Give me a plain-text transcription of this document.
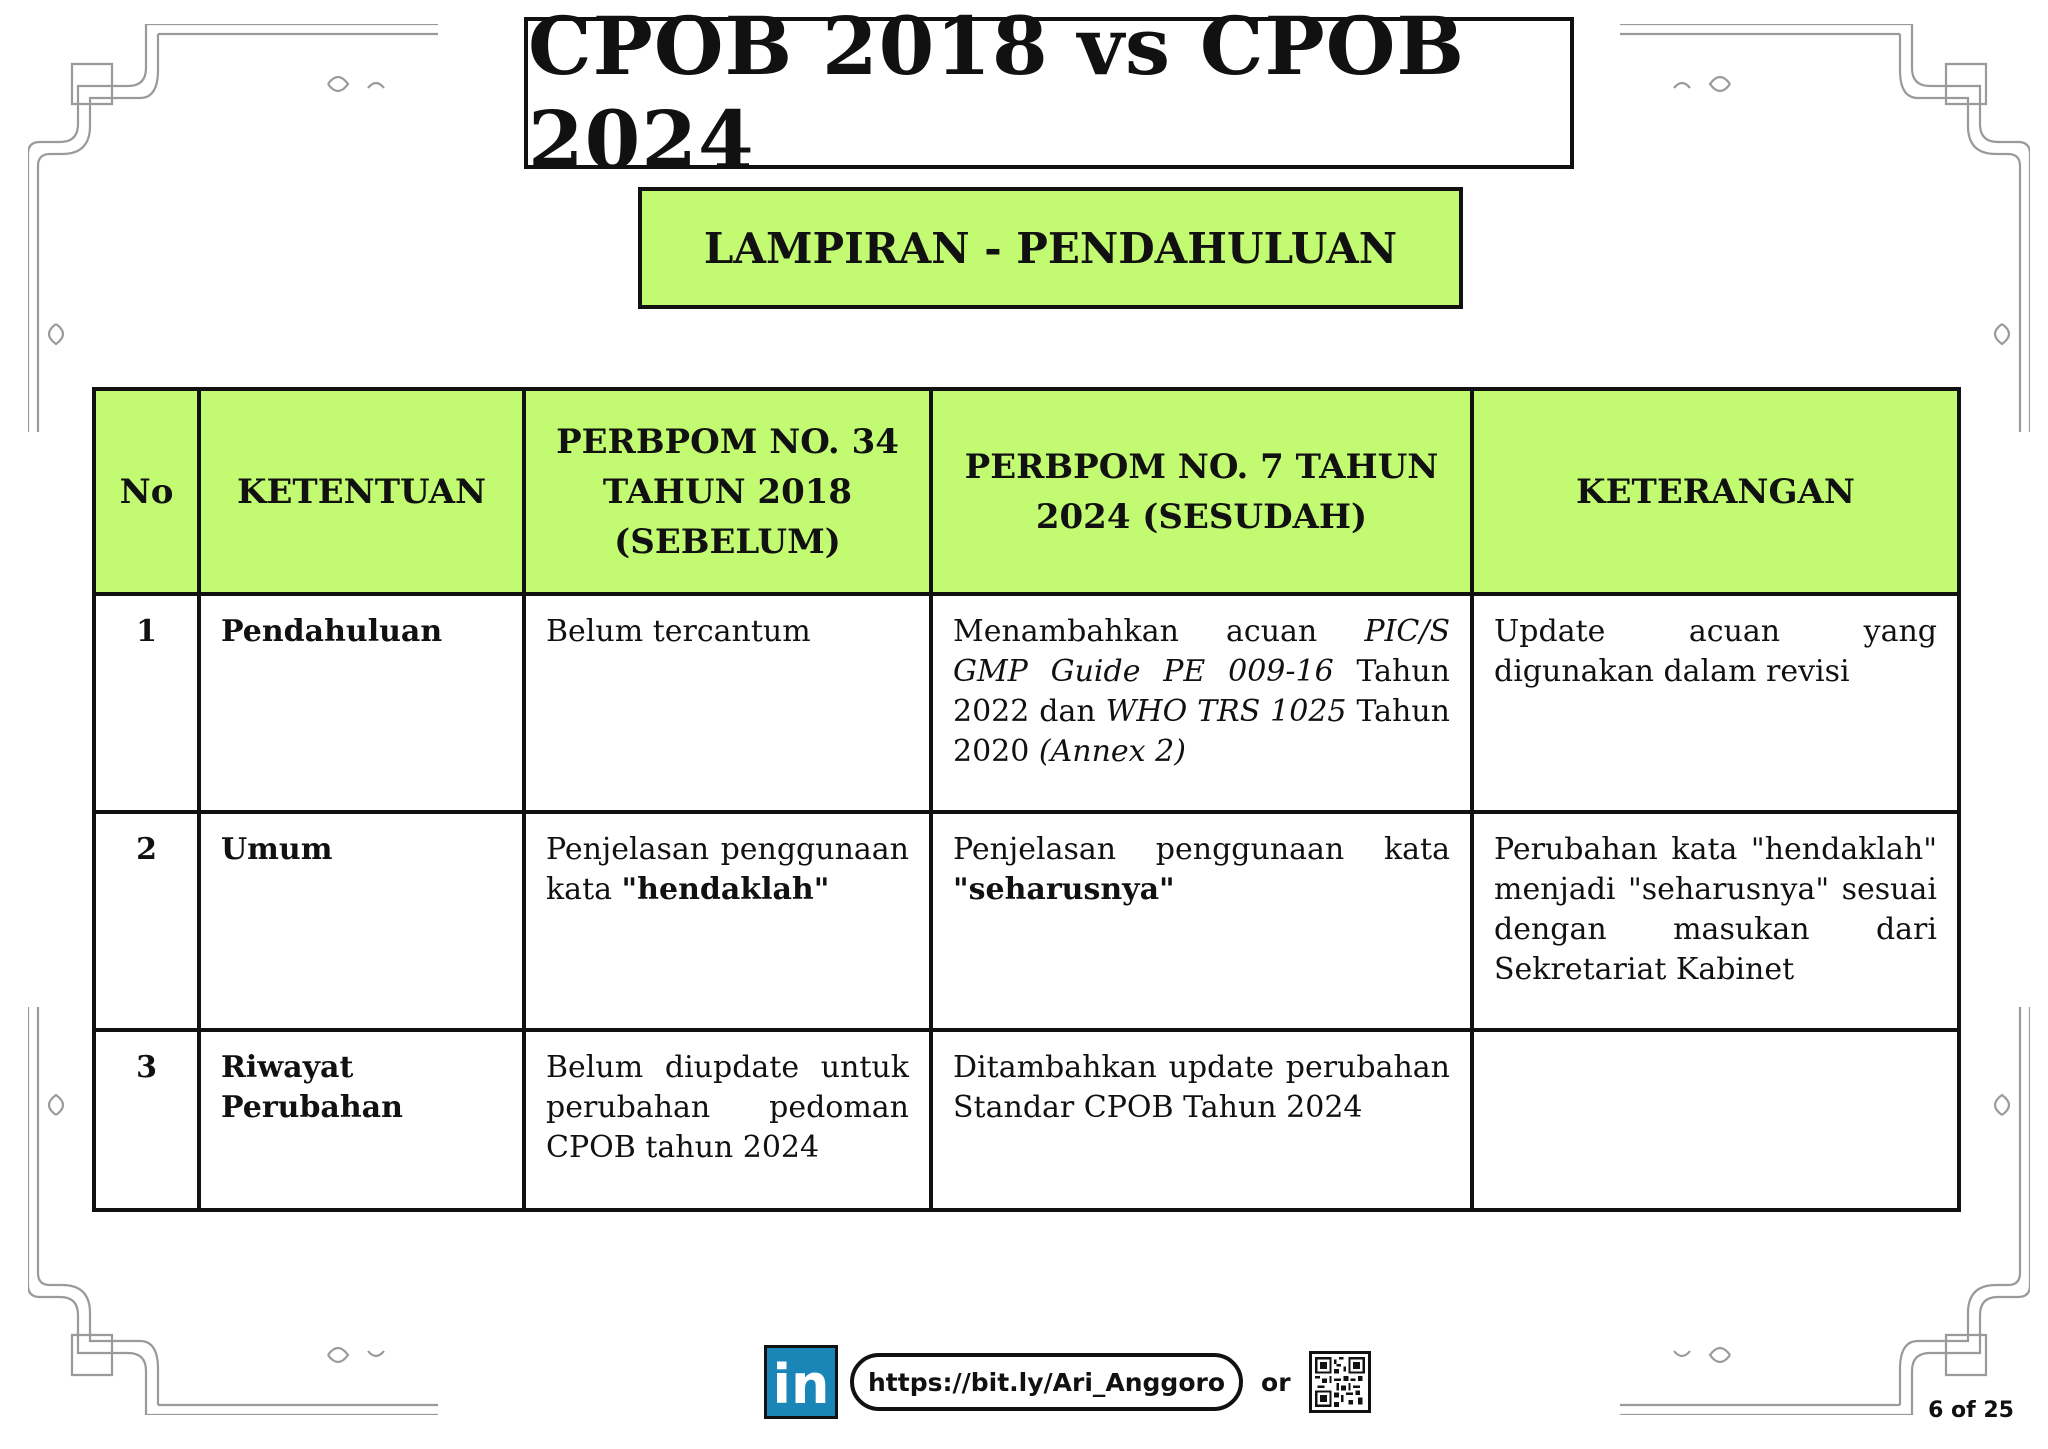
CPOB 2018 vs CPOB 2024
LAMPIRAN - PENDAHULUAN
No	KETENTUAN	PERBPOM NO. 34 TAHUN 2018 (SEBELUM)	PERBPOM NO. 7 TAHUN 2024 (SESUDAH)	KETERANGAN
1	Pendahuluan	Belum tercantum	Menambahkan acuan PIC/S GMP Guide PE 009-16 Tahun 2022 dan WHO TRS 1025 Tahun 2020 (Annex 2)	Update acuan yang digunakan dalam revisi
2	Umum	Penjelasan penggunaan kata "hendaklah"	Penjelasan penggunaan kata "seharusnya"	Perubahan kata "hendaklah" menjadi "seharusnya" sesuai dengan masukan dari Sekretariat Kabinet
3	Riwayat Perubahan	Belum diupdate untuk perubahan pedoman CPOB tahun 2024	Ditambahkan update perubahan Standar CPOB Tahun 2024	
in	https://bit.ly/Ari_Anggoro	or
6 of 25
